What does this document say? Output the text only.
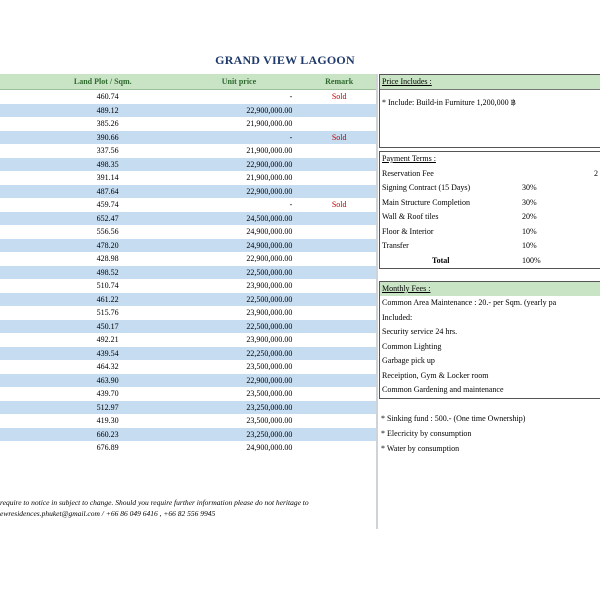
GRAND VIEW LAGOON
Land Plot / Sqm.	Unit price	Remark
460.74	-	Sold
489.12	22,900,000.00	
385.26	21,900,000.00	
390.66	-	Sold
337.56	21,900,000.00	
498.35	22,900,000.00	
391.14	21,900,000.00	
487.64	22,900,000.00	
459.74	-	Sold
652.47	24,500,000.00	
556.56	24,900,000.00	
478.20	24,900,000.00	
428.98	22,900,000.00	
498.52	22,500,000.00	
510.74	23,900,000.00	
461.22	22,500,000.00	
515.76	23,900,000.00	
450.17	22,500,000.00	
492.21	23,900,000.00	
439.54	22,250,000.00	
464.32	23,500,000.00	
463.90	22,900,000.00	
439.70	23,500,000.00	
512.97	23,250,000.00	
419.30	23,500,000.00	
660.23	23,250,000.00	
676.89	24,900,000.00	
require to notice in subject to change. Should you require further information please do not heritage to
ewresidences.phuket@gmail.com / +66 86 049 6416 , +66 82 556 9945
Price Includes :
* Include: Build-in Furniture 1,200,000 ฿
Payment Terms :
Reservation Fee	2
Signing Contract (15 Days)	30%
Main Structure Completion	30%
Wall & Roof tiles	20%
Floor & Interior	10%
Transfer	10%
Total	100%
Monthly Fees :
Common Area Maintenance : 20.- per Sqm. (yearly pa
Included:
Security service 24 hrs.
Common Lighting
Garbage pick up
Receiption, Gym & Locker room
Common Gardening and maintenance
* Sinking fund : 500.- (One time Ownership)
* Elecricity by consumption
* Water by consumption
